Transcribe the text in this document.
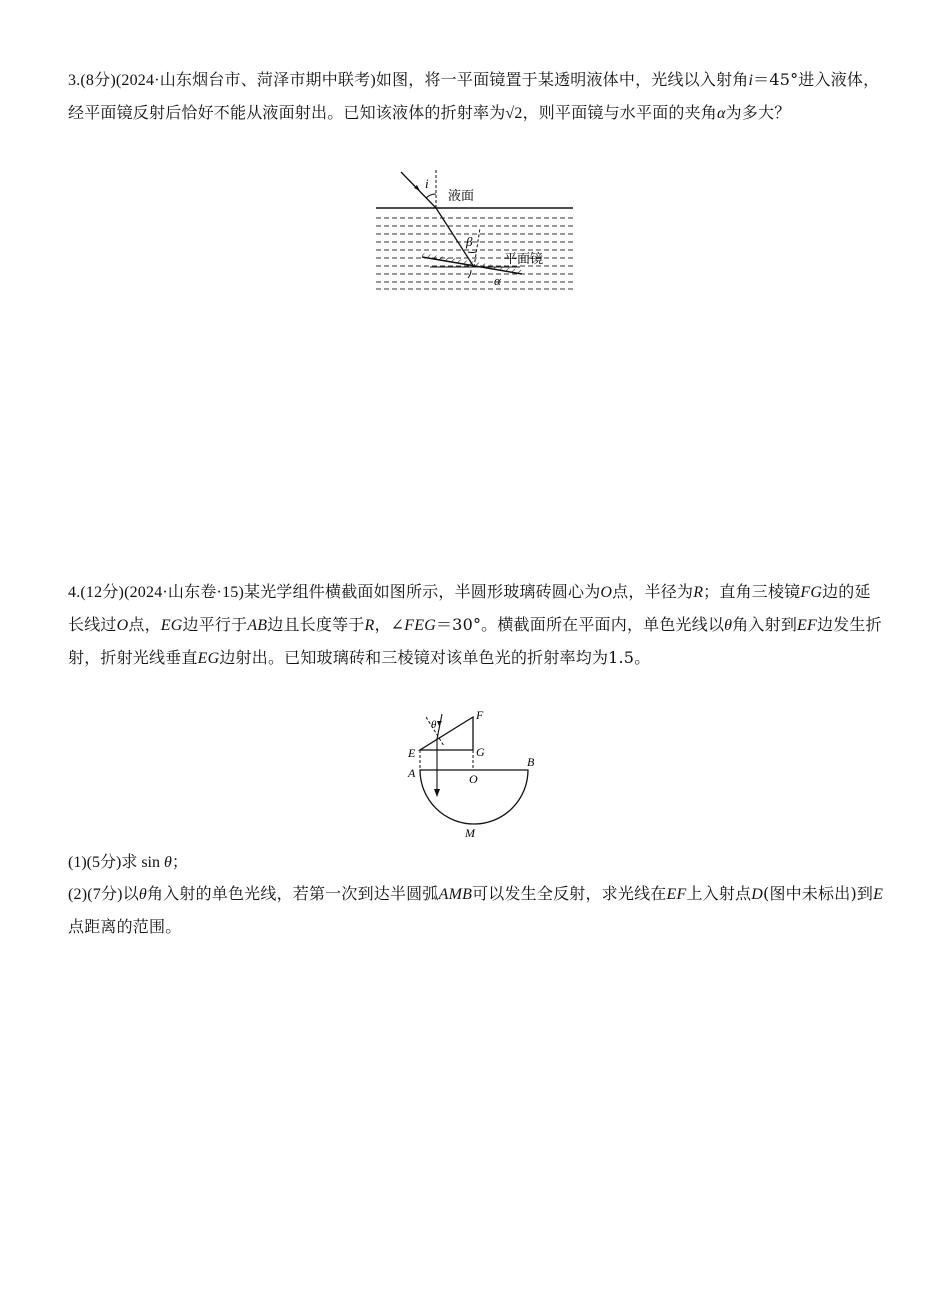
3.(8分)(2024·山东烟台市、菏泽市期中联考)如图，将一平面镜置于某透明液体中，光线以入射角i＝45°进入液体，经平面镜反射后恰好不能从液面射出。已知该液体的折射率为√2，则平面镜与水平面的夹角α为多大？
i
液面
β
平面镜
α
4.(12分)(2024·山东卷·15)某光学组件横截面如图所示，半圆形玻璃砖圆心为O点，半径为R；直角三棱镜FG边的延长线过O点，EG边平行于AB边且长度等于R，∠FEG＝30°。横截面所在平面内，单色光线以θ角入射到EF边发生折射，折射光线垂直EG边射出。已知玻璃砖和三棱镜对该单色光的折射率均为1.5。
θ
F
E	G
A	O
B
M
(1)(5分)求 sin θ；
(2)(7分)以θ角入射的单色光线，若第一次到达半圆弧AMB可以发生全反射，求光线在EF上入射点D(图中未标出)到E点距离的范围。
